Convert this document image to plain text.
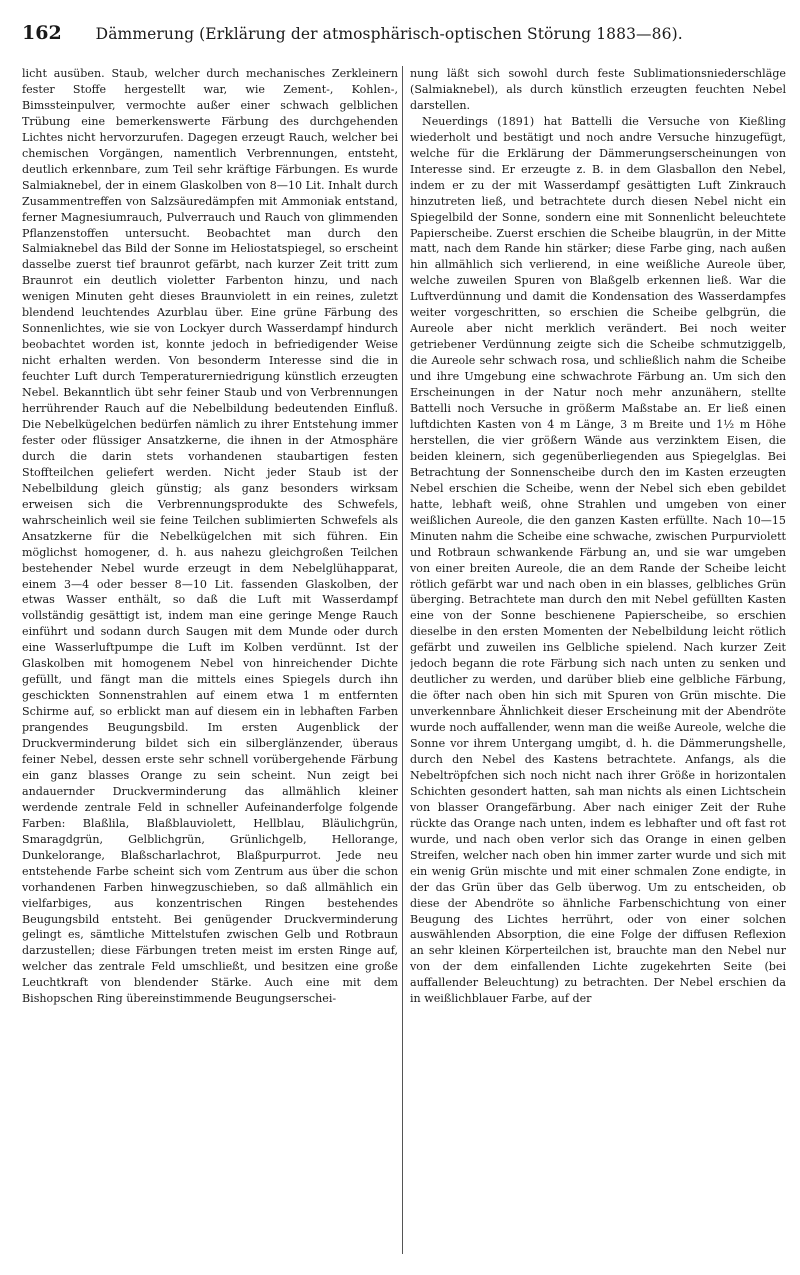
162 Dämmerung (Erklärung der atmosphärisch-optischen Störung 1883—86).

licht ausüben. Staub, welcher durch mechanisches Zerkleinern fester Stoffe hergestellt war, wie Zement-, Kohlen-, Bimssteinpulver, vermochte außer einer schwach gelblichen Trübung eine bemerkenswerte Färbung des durchgehenden Lichtes nicht hervorzurufen. Dagegen erzeugt Rauch, welcher bei chemischen Vorgängen, namentlich Verbrennungen, entsteht, deutlich erkennbare, zum Teil sehr kräftige Färbungen. Es wurde Salmiaknebel, der in einem Glaskolben von 8—10 Lit. Inhalt durch Zusammentreffen von Salzsäuredämpfen mit Ammoniak entstand, ferner Magnesiumrauch, Pulverrauch und Rauch von glimmenden Pflanzenstoffen untersucht. Beobachtet man durch den Salmiaknebel das Bild der Sonne im Heliostatspiegel, so erscheint dasselbe zuerst tief braunrot gefärbt, nach kurzer Zeit tritt zum Braunrot ein deutlich violetter Farbenton hinzu, und nach wenigen Minuten geht dieses Braunviolett in ein reines, zuletzt blendend leuchtendes Azurblau über. Eine grüne Färbung des Sonnenlichtes, wie sie von Lockyer durch Wasserdampf hindurch beobachtet worden ist, konnte jedoch in befriedigender Weise nicht erhalten werden. Von besonderm Interesse sind die in feuchter Luft durch Temperaturerniedrigung künstlich erzeugten Nebel. Bekanntlich übt sehr feiner Staub und von Verbrennungen herrührender Rauch auf die Nebelbildung bedeutenden Einfluß. Die Nebelkügelchen bedürfen nämlich zu ihrer Entstehung immer fester oder flüssiger Ansatzkerne, die ihnen in der Atmosphäre durch die darin stets vorhandenen staubartigen festen Stoffteilchen geliefert werden. Nicht jeder Staub ist der Nebelbildung gleich günstig; als ganz besonders wirksam erweisen sich die Verbrennungsprodukte des Schwefels, wahrscheinlich weil sie feine Teilchen sublimierten Schwefels als Ansatzkerne für die Nebelkügelchen mit sich führen. Ein möglichst homogener, d. h. aus nahezu gleichgroßen Teilchen bestehender Nebel wurde erzeugt in dem Nebelglühapparat, einem 3—4 oder besser 8—10 Lit. fassenden Glaskolben, der etwas Wasser enthält, so daß die Luft mit Wasserdampf vollständig gesättigt ist, indem man eine geringe Menge Rauch einführt und sodann durch Saugen mit dem Munde oder durch eine Wasserluftpumpe die Luft im Kolben verdünnt. Ist der Glaskolben mit homogenem Nebel von hinreichender Dichte gefüllt, und fängt man die mittels eines Spiegels durch ihn geschickten Sonnenstrahlen auf einem etwa 1 m entfernten Schirme auf, so erblickt man auf diesem ein in lebhaften Farben prangendes Beugungsbild. Im ersten Augenblick der Druckverminderung bildet sich ein silberglänzender, überaus feiner Nebel, dessen erste sehr schnell vorübergehende Färbung ein ganz blasses Orange zu sein scheint. Nun zeigt bei andauernder Druckverminderung das allmählich kleiner werdende zentrale Feld in schneller Aufeinanderfolge folgende Farben: Blaßlila, Blaßblauviolett, Hellblau, Bläulichgrün, Smaragdgrün, Gelblichgrün, Grünlichgelb, Hellorange, Dunkelorange, Blaßscharlachrot, Blaßpurpurrot. Jede neu entstehende Farbe scheint sich vom Zentrum aus über die schon vorhandenen Farben hinwegzuschieben, so daß allmählich ein vielfarbiges, aus konzentrischen Ringen bestehendes Beugungsbild entsteht. Bei genügender Druckverminderung gelingt es, sämtliche Mittelstufen zwischen Gelb und Rotbraun darzustellen; diese Färbungen treten meist im ersten Ringe auf, welcher das zentrale Feld umschließt, und besitzen eine große Leuchtkraft von blendender Stärke. Auch eine mit dem Bishopschen Ring übereinstimmende Beugungserschei-

nung läßt sich sowohl durch feste Sublimationsniederschläge (Salmiaknebel), als durch künstlich erzeugten feuchten Nebel darstellen.

Neuerdings (1891) hat Battelli die Versuche von Kießling wiederholt und bestätigt und noch andre Versuche hinzugefügt, welche für die Erklärung der Dämmerungserscheinungen von Interesse sind. Er erzeugte z. B. in dem Glasballon den Nebel, indem er zu der mit Wasserdampf gesättigten Luft Zinkrauch hinzutreten ließ, und betrachtete durch diesen Nebel nicht ein Spiegelbild der Sonne, sondern eine mit Sonnenlicht beleuchtete Papierscheibe. Zuerst erschien die Scheibe blaugrün, in der Mitte matt, nach dem Rande hin stärker; diese Farbe ging, nach außen hin allmählich sich verlierend, in eine weißliche Aureole über, welche zuweilen Spuren von Blaßgelb erkennen ließ. War die Luftverdünnung und damit die Kondensation des Wasserdampfes weiter vorgeschritten, so erschien die Scheibe gelbgrün, die Aureole aber nicht merklich verändert. Bei noch weiter getriebener Verdünnung zeigte sich die Scheibe schmutziggelb, die Aureole sehr schwach rosa, und schließlich nahm die Scheibe und ihre Umgebung eine schwachrote Färbung an. Um sich den Erscheinungen in der Natur noch mehr anzunähern, stellte Battelli noch Versuche in größerm Maßstabe an. Er ließ einen luftdichten Kasten von 4 m Länge, 3 m Breite und 1½ m Höhe herstellen, die vier größern Wände aus verzinktem Eisen, die beiden kleinern, sich gegenüberliegenden aus Spiegelglas. Bei Betrachtung der Sonnenscheibe durch den im Kasten erzeugten Nebel erschien die Scheibe, wenn der Nebel sich eben gebildet hatte, lebhaft weiß, ohne Strahlen und umgeben von einer weißlichen Aureole, die den ganzen Kasten erfüllte. Nach 10—15 Minuten nahm die Scheibe eine schwache, zwischen Purpurviolett und Rotbraun schwankende Färbung an, und sie war umgeben von einer breiten Aureole, die an dem Rande der Scheibe leicht rötlich gefärbt war und nach oben in ein blasses, gelbliches Grün überging. Betrachtete man durch den mit Nebel gefüllten Kasten eine von der Sonne beschienene Papierscheibe, so erschien dieselbe in den ersten Momenten der Nebelbildung leicht rötlich gefärbt und zuweilen ins Gelbliche spielend. Nach kurzer Zeit jedoch begann die rote Färbung sich nach unten zu senken und deutlicher zu werden, und darüber blieb eine gelbliche Färbung, die öfter nach oben hin sich mit Spuren von Grün mischte. Die unverkennbare Ähnlichkeit dieser Erscheinung mit der Abendröte wurde noch auffallender, wenn man die weiße Aureole, welche die Sonne vor ihrem Untergang umgibt, d. h. die Dämmerungshelle, durch den Nebel des Kastens betrachtete. Anfangs, als die Nebeltröpfchen sich noch nicht nach ihrer Größe in horizontalen Schichten gesondert hatten, sah man nichts als einen Lichtschein von blasser Orangefärbung. Aber nach einiger Zeit der Ruhe rückte das Orange nach unten, indem es lebhafter und oft fast rot wurde, und nach oben verlor sich das Orange in einen gelben Streifen, welcher nach oben hin immer zarter wurde und sich mit ein wenig Grün mischte und mit einer schmalen Zone endigte, in der das Grün über das Gelb überwog. Um zu entscheiden, ob diese der Abendröte so ähnliche Farbenschichtung von einer Beugung des Lichtes herrührt, oder von einer solchen auswählenden Absorption, die eine Folge der diffusen Reflexion an sehr kleinen Körperteilchen ist, brauchte man den Nebel nur von der dem einfallenden Lichte zugekehrten Seite (bei auffallender Beleuchtung) zu betrachten. Der Nebel erschien da in weißlichblauer Farbe, auf der
